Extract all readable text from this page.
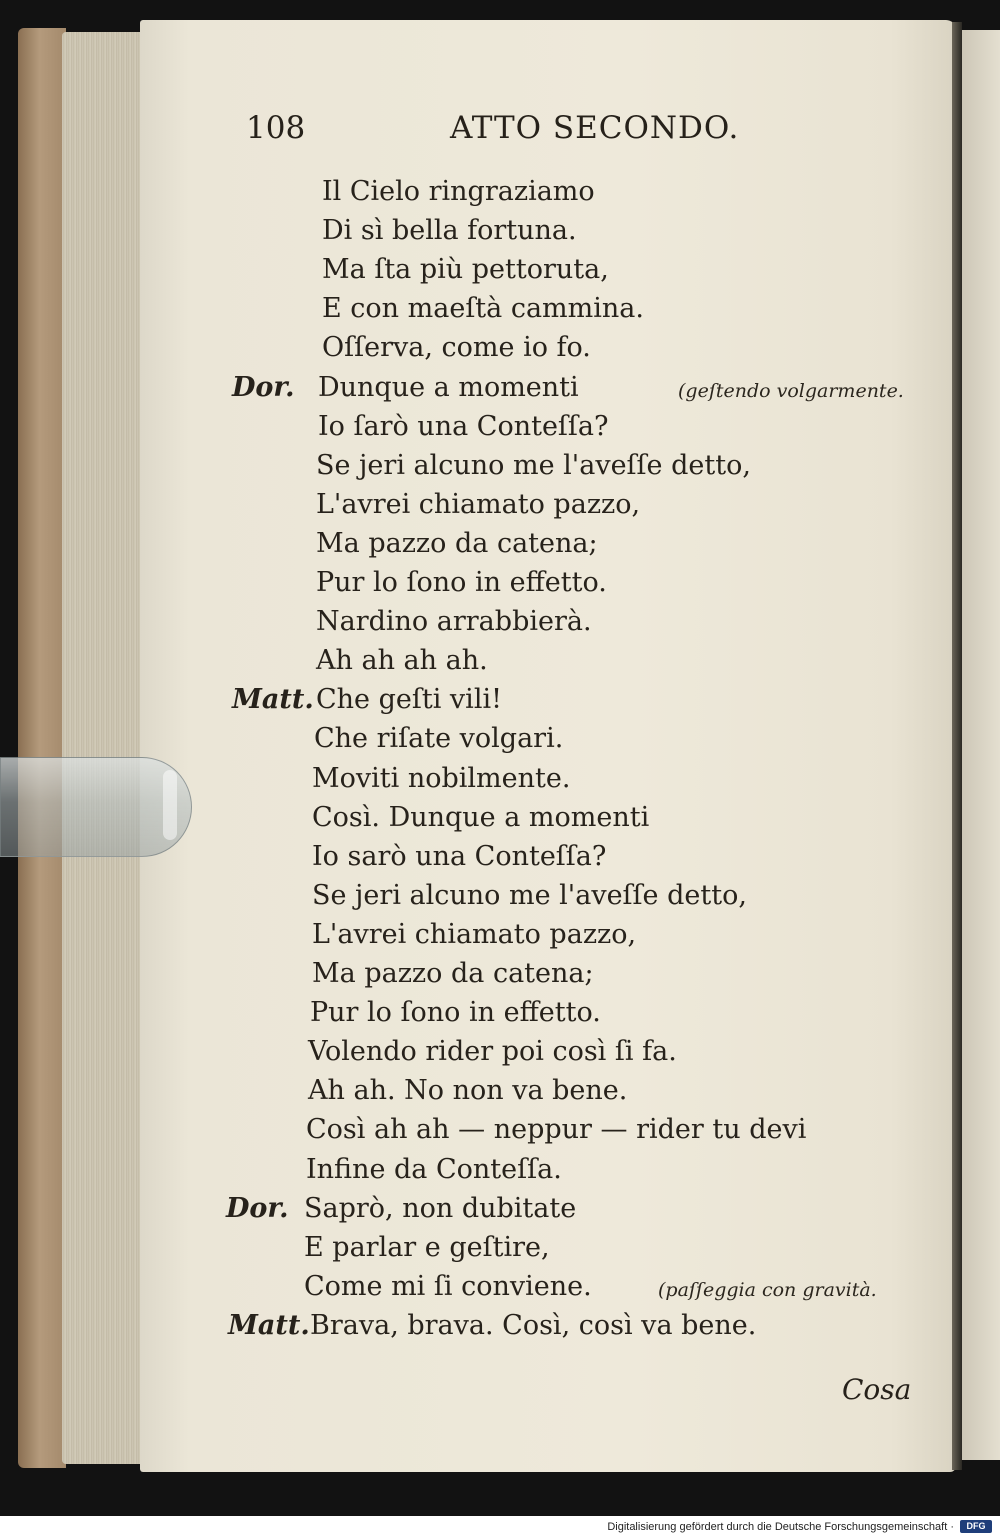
108	ATTO SECONDO.
Il Cielo ringraziamo
Di sì bella fortuna.
Ma ſta più pettoruta,
E con maeſtà cammina.
Oſſerva, come io fo.
Dor. Dunque a momenti	(geſtendo volgarmente.
Io ſarò una Conteſſa?
Se jeri alcuno me l'aveſſe detto,
L'avrei chiamato pazzo,
Ma pazzo da catena;
Pur lo ſono in effetto.
Nardino arrabbierà.
Ah ah ah ah.
Matt. Che geſti vili!
Che riſate volgari.
Moviti nobilmente.
Così. Dunque a momenti
Io sarò una Conteſſa?
Se jeri alcuno me l'aveſſe detto,
L'avrei chiamato pazzo,
Ma pazzo da catena;
Pur lo ſono in effetto.
Volendo rider poi così ſi fa.
Ah ah. No non va bene.
Così ah ah — neppur — rider tu devi
Infine da Conteſſa.
Dor. Saprò, non dubitate
E parlar e geſtire,
Come mi ſi conviene.	(paſſeggia con gravità.
Matt. Brava, brava. Così, così va bene.
Cosa
Digitalisierung gefördert durch die Deutsche Forschungsgemeinschaft ·	DFG
